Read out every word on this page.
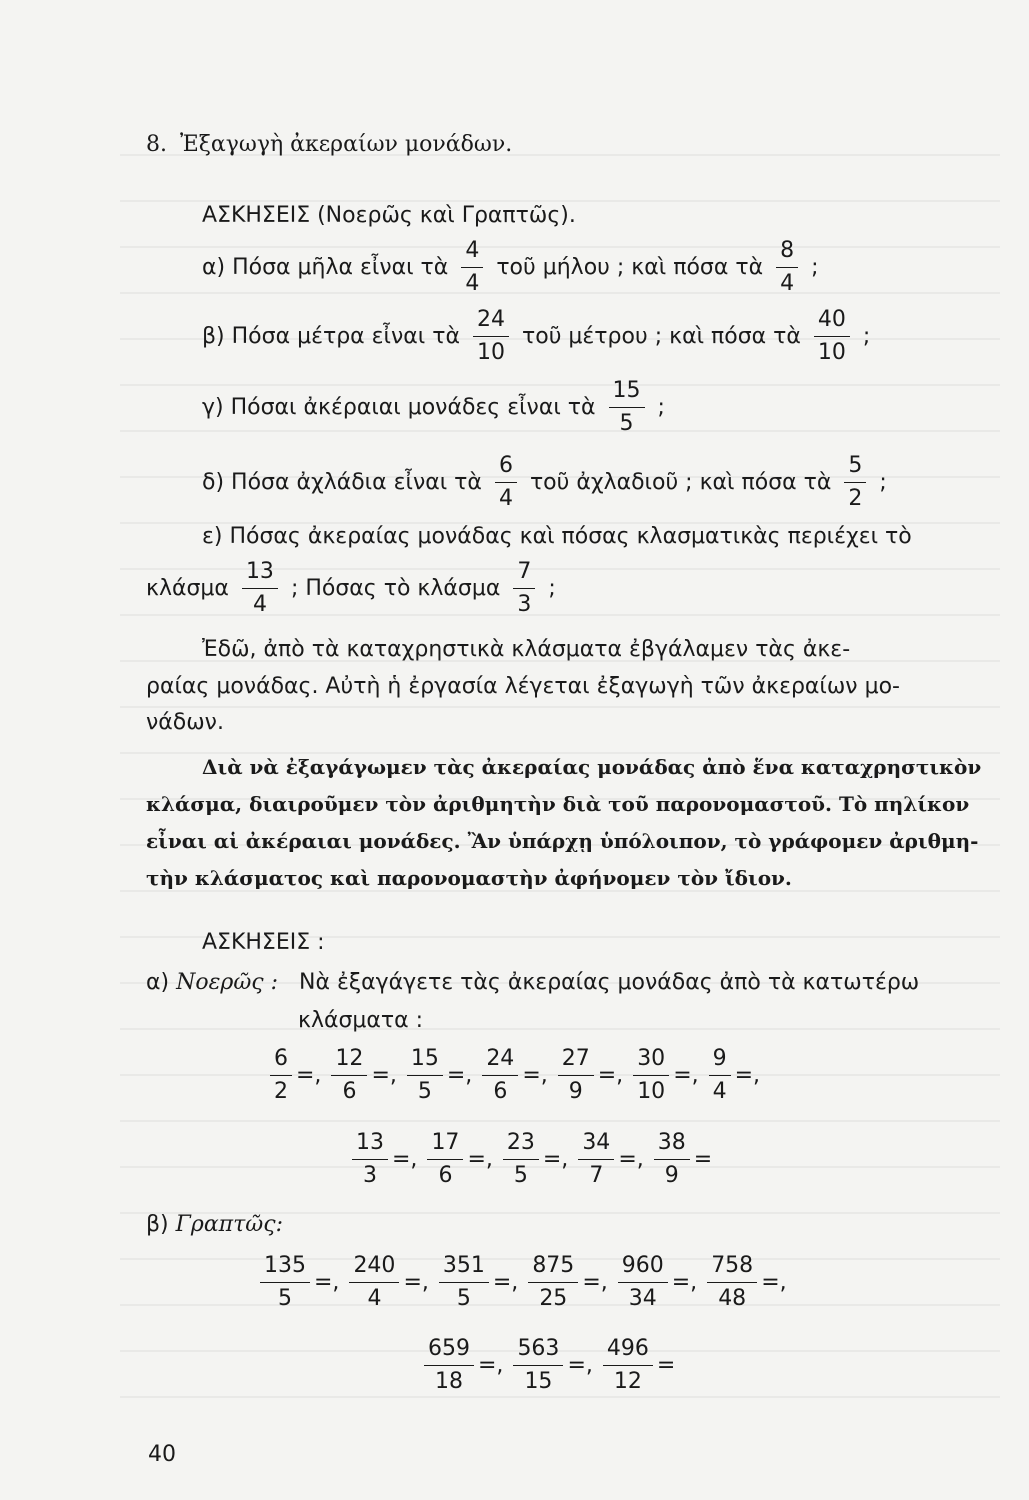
8. Ἐξαγωγὴ ἀκεραίων μονάδων.
ΑΣΚΗΣΕΙΣ (Νοερῶς καὶ Γραπτῶς).
α) Πόσα μῆλα εἶναι τὰ $\frac{4}{4}$ τοῦ μήλου ; καὶ πόσα τὰ $\frac{8}{4}$ ;
β) Πόσα μέτρα εἶναι τὰ $\frac{24}{10}$ τοῦ μέτρου ; καὶ πόσα τὰ $\frac{40}{10}$ ;
γ) Πόσαι ἀκέραιαι μονάδες εἶναι τὰ $\frac{15}{5}$ ;
δ) Πόσα ἀχλάδια εἶναι τὰ $\frac{6}{4}$ τοῦ ἀχλαδιοῦ ; καὶ πόσα τὰ $\frac{5}{2}$ ;
ε) Πόσας ἀκεραίας μονάδας καὶ πόσας κλασματικὰς περιέχει τὸ
κλάσμα $\frac{13}{4}$ ; Πόσας τὸ κλάσμα $\frac{7}{3}$ ;
Ἐδῶ, ἀπὸ τὰ καταχρηστικὰ κλάσματα ἐβγάλαμεν τὰς ἀκε-
ραίας μονάδας. Αὐτὴ ἡ ἐργασία λέγεται ἐξαγωγὴ τῶν ἀκεραίων μο-
νάδων.
Διὰ νὰ ἐξαγάγωμεν τὰς ἀκεραίας μονάδας ἀπὸ ἕνα καταχρηστικὸν
κλάσμα, διαιροῦμεν τὸν ἀριθμητὴν διὰ τοῦ παρονομαστοῦ. Τὸ πηλίκον
εἶναι αἱ ἀκέραιαι μονάδες. Ἂν ὑπάρχῃ ὑπόλοιπον, τὸ γράφομεν ἀριθμη-
τὴν κλάσματος καὶ παρονομαστὴν ἀφήνομεν τὸν ἴδιον.
ΑΣΚΗΣΕΙΣ :
α) Νοερῶς : Νὰ ἐξαγάγετε τὰς ἀκεραίας μονάδας ἀπὸ τὰ κατωτέρω
κλάσματα :
$\frac{6}{2}$ =, $\frac{12}{6}$ =, $\frac{15}{5}$ =, $\frac{24}{6}$ =, $\frac{27}{9}$ =, $\frac{30}{10}$ =, $\frac{9}{4}$ =,
$\frac{13}{3}$ =, $\frac{17}{6}$ =, $\frac{23}{5}$ =, $\frac{34}{7}$ =, $\frac{38}{9}$ =
β) Γραπτῶς:
$\frac{135}{5}$ =, $\frac{240}{4}$ =, $\frac{351}{5}$ =, $\frac{875}{25}$ =, $\frac{960}{34}$ =, $\frac{758}{48}$ =,
$\frac{659}{18}$ =, $\frac{563}{15}$ =, $\frac{496}{12}$ =
40
